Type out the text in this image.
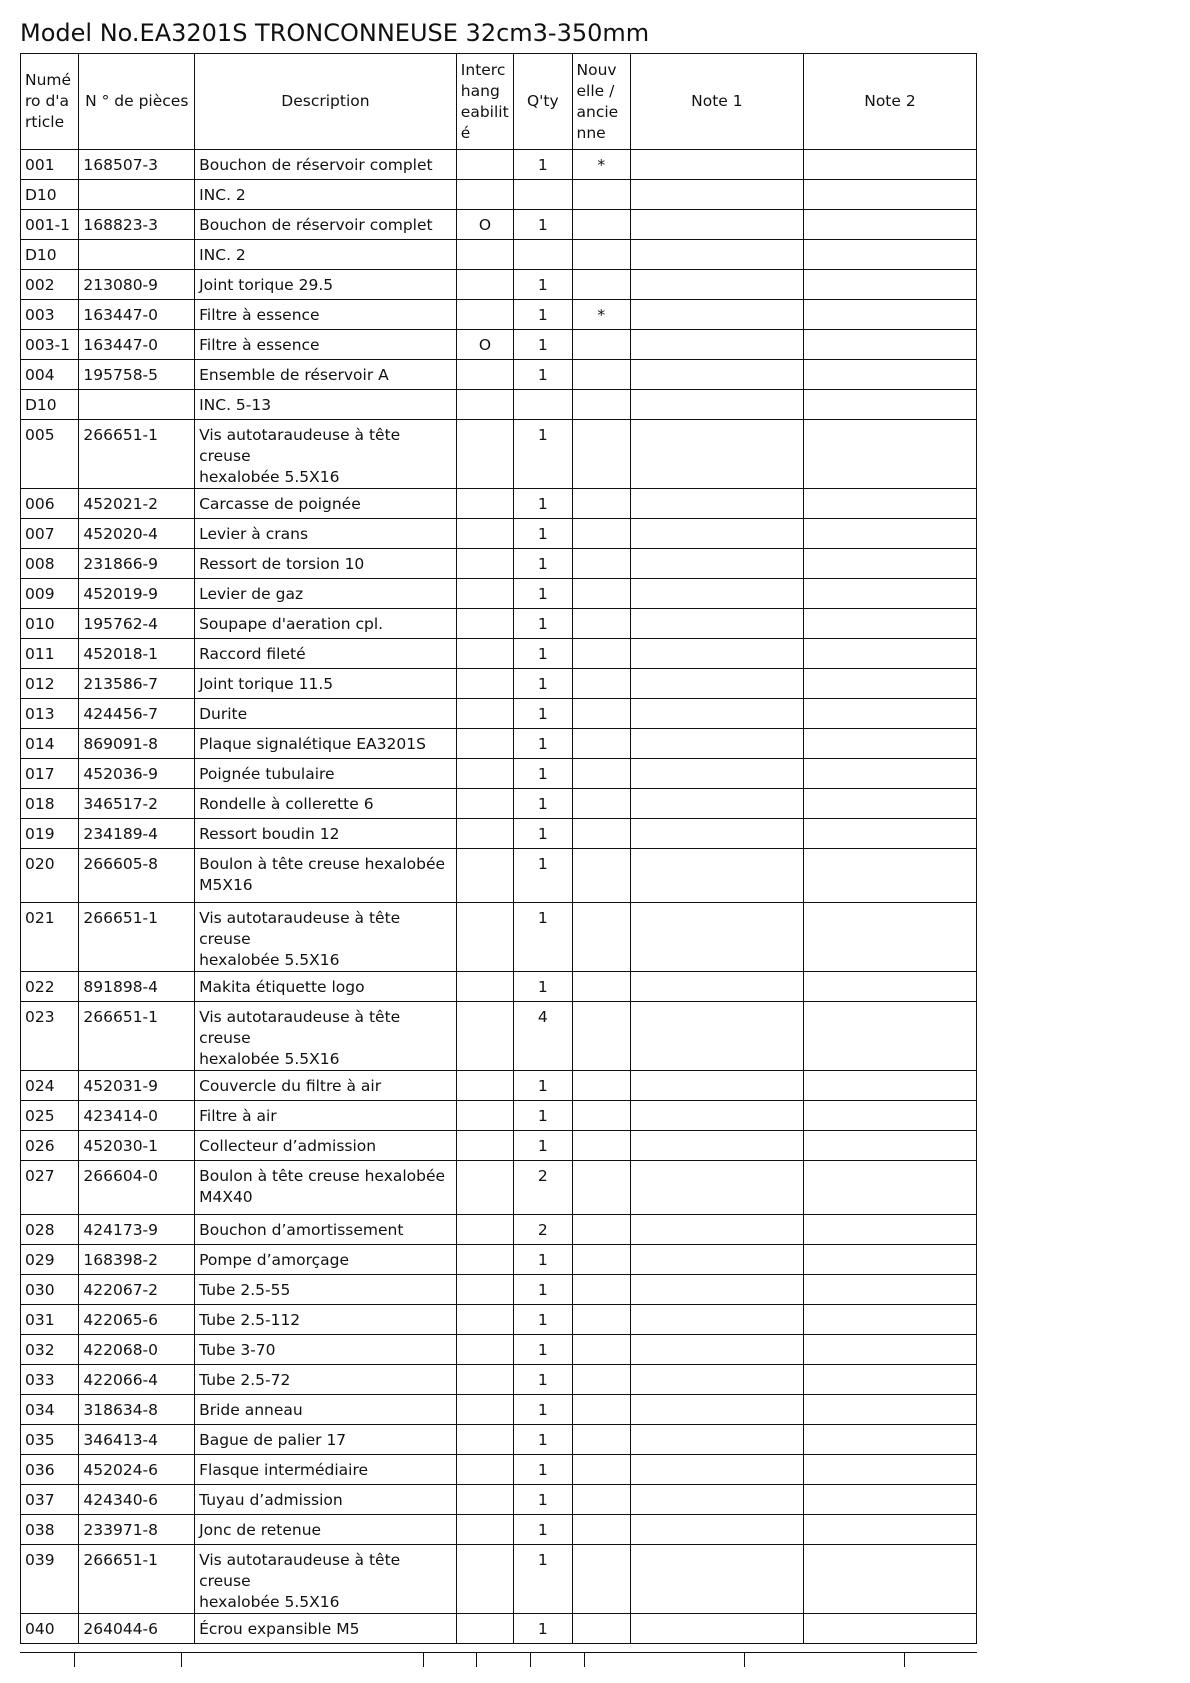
Model No.EA3201S TRONCONNEUSE 32cm3-350mm
Numé ro d'a rticle	N ° de pièces	Description	Interc hang eabilit é	Q'ty	Nouv elle / ancie nne	Note 1	Note 2

001	168507-3	Bouchon de réservoir complet		1	*		
D10		INC. 2					
001-1	168823-3	Bouchon de réservoir complet	O	1			
D10		INC. 2					
002	213080-9	Joint torique 29.5		1			
003	163447-0	Filtre à essence		1	*		
003-1	163447-0	Filtre à essence	O	1			
004	195758-5	Ensemble de réservoir A		1			
D10		INC. 5-13					
005	266651-1	Vis autotaraudeuse à tête creuse
hexalobée 5.5X16		1			
006	452021-2	Carcasse de poignée		1			
007	452020-4	Levier à crans		1			
008	231866-9	Ressort de torsion 10		1			
009	452019-9	Levier de gaz		1			
010	195762-4	Soupape d'aeration cpl.		1			
011	452018-1	Raccord fileté		1			
012	213586-7	Joint torique 11.5		1			
013	424456-7	Durite		1			
014	869091-8	Plaque signalétique EA3201S		1			
017	452036-9	Poignée tubulaire		1			
018	346517-2	Rondelle à collerette 6		1			
019	234189-4	Ressort boudin 12		1			
020	266605-8	Boulon à tête creuse hexalobée
M5X16		1			
021	266651-1	Vis autotaraudeuse à tête creuse
hexalobée 5.5X16		1			
022	891898-4	Makita étiquette logo		1			
023	266651-1	Vis autotaraudeuse à tête creuse
hexalobée 5.5X16		4			
024	452031-9	Couvercle du filtre à air		1			
025	423414-0	Filtre à air		1			
026	452030-1	Collecteur d’admission		1			
027	266604-0	Boulon à tête creuse hexalobée
M4X40		2			
028	424173-9	Bouchon d’amortissement		2			
029	168398-2	Pompe d’amorçage		1			
030	422067-2	Tube 2.5-55		1			
031	422065-6	Tube 2.5-112		1			
032	422068-0	Tube 3-70		1			
033	422066-4	Tube 2.5-72		1			
034	318634-8	Bride anneau		1			
035	346413-4	Bague de palier 17		1			
036	452024-6	Flasque intermédiaire		1			
037	424340-6	Tuyau d’admission		1			
038	233971-8	Jonc de retenue		1			
039	266651-1	Vis autotaraudeuse à tête creuse
hexalobée 5.5X16		1			
040	264044-6	Écrou expansible M5		1			
